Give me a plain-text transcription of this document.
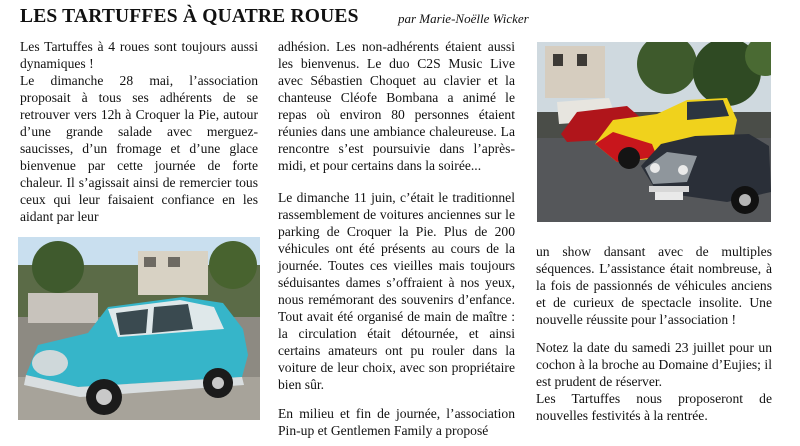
LES TARTUFFES À QUATRE ROUES	par Marie-Noëlle Wicker

Les Tartuffes à 4 roues sont toujours aussi dynamiques !

Le dimanche 28 mai, l’association proposait à tous ses adhérents de se retrouver vers 12h à Croquer la Pie, autour d’une grande salade avec merguez-saucisses, d’un fromage et d’une glace bienvenue par cette journée de forte chaleur. Il s’agissait ainsi de remercier tous ceux qui leur faisaient confiance en les aidant par leur

adhésion. Les non-adhérents étaient aussi les bienvenus. Le duo C2S Music Live avec Sébastien Choquet au clavier et la chanteuse Cléofe Bombana a animé le repas où environ 80 personnes étaient réunies dans une ambiance chaleureuse. La rencontre s’est poursuivie dans l’après-midi, et pour certains dans la soirée...

Le dimanche 11 juin, c’était le traditionnel rassemblement de voitures anciennes sur le parking de Croquer la Pie. Plus de 200 véhicules ont été présents au cours de la journée. Toutes ces vieilles mais toujours séduisantes dames s’offraient à nos yeux, nous remémorant des souvenirs d’enfance. Tout avait été organisé de main de maître : la circulation était détournée, et ainsi certains amateurs ont pu rouler dans la voiture de leur choix, avec son propriétaire bien sûr.

En milieu et fin de journée, l’association Pin-up et Gentlemen Family a proposé

un show dansant avec de multiples séquences. L’assistance était nombreuse, à la fois de passionnés de véhicules anciens et de curieux de spectacle insolite. Une nouvelle réussite pour l’association !

Notez la date du samedi 23 juillet pour un cochon à la broche au Domaine d’Eujies; il est prudent de réserver.

Les Tartuffes nous proposeront de nouvelles festivités à la rentrée.
